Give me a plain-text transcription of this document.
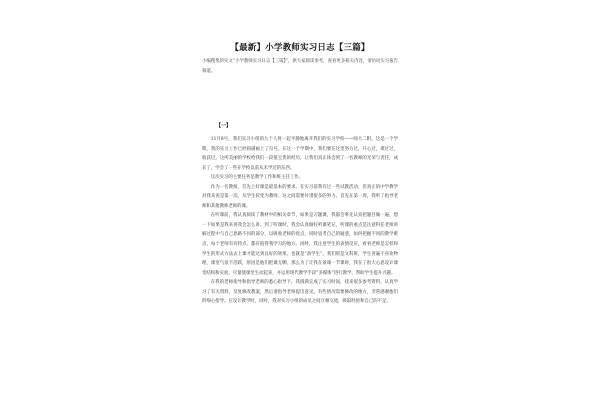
【最新】小学教师实习日志【三篇】
小编搜集的实文“小学教师实习日志【三篇】”，供大家阅读参考，查看更多相关内容，请访问实习报告频道。
【一】

11月8号，我们实习小组的九个人将一起平静地离开我们的实习学校——师大二附。这是一个学期，我的实习工作已经圆满画上了句号。在这一个学期中，我们要在这里努力过，开心过，难过过，收获过。这所美丽的学校给我们一段很宝贵的经历，让我们真正体会到了一名教师的光荣与责任，成长了，学会了一些在学校以前从未学过的东西。

这次实习的主要任务是教学工作和班主任工作。

作为一名教师，首先上好课是最基本的要求。在实习前我有过一些试教活动，但真正的中学教学对我来说是第一次。从学生转变为教师，这之间需要付诸很多的努力。首先在第一周，我听了指导老师和其他教师老师的课。

在听课前，我认真阅读了教材中的相关章节，如果是习题课，我都会事先认真把题目做一遍，想一下如果是我来讲我会怎么讲。到了听课时，我会认真做好听课笔记，听课的重点是注意科任老师讲解过程中与自己思路不同的部分，以吸收老师的优点，同时思考自己的疑惑，如何把握不同的教学难点，每个老师有有特点，都有值得我学习的地方。同时，我注意学生的表情反应，看看老师是怎样和学生的形式方法去上课才能达到良好的效果。也就是“备学生”。我们班是文科班，学生普遍不喜欢物理，课堂气氛不活跃，原因是他们把课无聊。那么为了让我在备课一节课时，我在了很大心思设计课堂结构和实验，尽量使课堂生动起来，并运用现代教学手段“多媒体”进行教学，帮助学生提升兴趣。

在我的老师指导和指导老师的悉心指导下，我圆满完成了实习时间，找来很多参考资料，认真学习了有关资料，反复修改教案，然后请指导老师提出意见，有些情况需要修改的地方，非常感谢他们的细心指导。在设计教学时，同时，我对实习小组的成员之间互相交流，吸取经验和自己的不足。
